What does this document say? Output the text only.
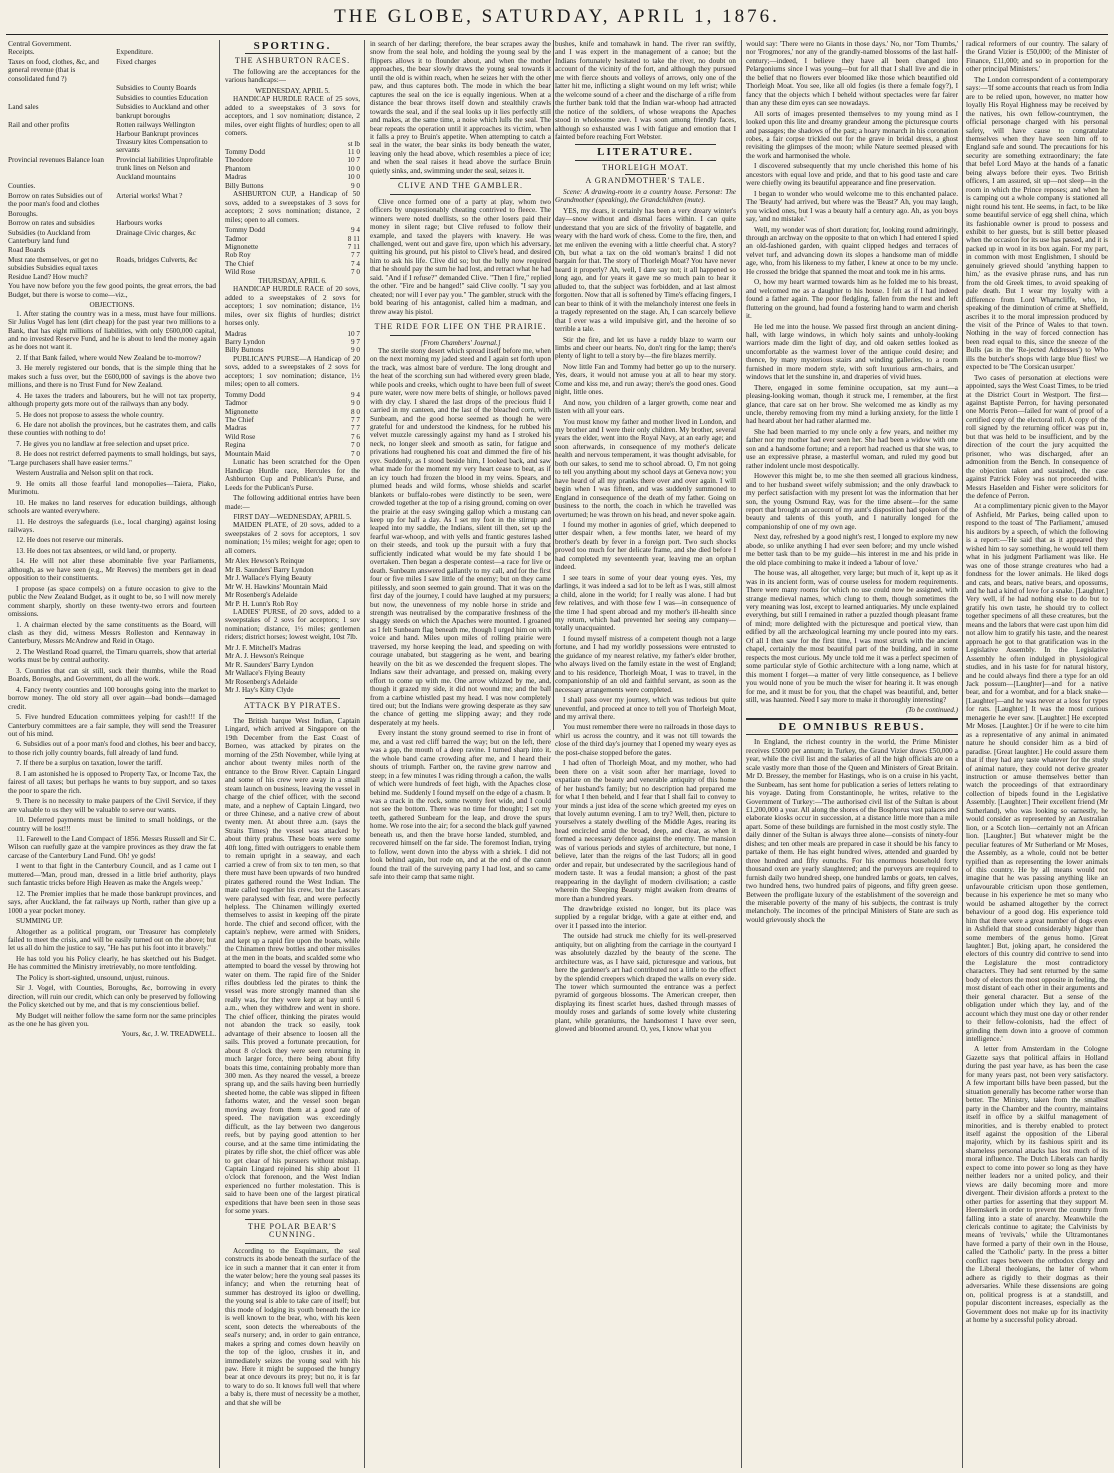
THE GLOBE, SATURDAY, APRIL 1, 1876.
Central Government.
Receipts.	Expenditure.
Taxes on food, clothes, &c, and general revenue (that is consolidated fund ?)
Fixed charges
Subsidies to County Boards
Subsidies to counties Education
Land sales	Subsidies to Auckland and other bankrupt boroughs
Rail and other profits	Rotten railways Wellington Harbour Bankrupt provinces Treasury kites Compensation to servants
Provincial revenues Balance loan	Provincial liabilities Unprofitable trunk lines on Nelson and Auckland mountains
Counties.
Borrow on rates Subsidies out of the poor man's food and clothes
Arterial works! What ?
Boroughs.
Borrow on rates and subsidies	Harbours works
Subsidies (to Auckland from Canterbury land fund
Drainage Civic charges, &c
Road Boards
Must rate themselves, or get no subsidies Subsidies equal taxes Residue Land? How much?
Roads, bridges Culverts, &c

You have now before you the few good points, the great errors, the bad Budget, but there is worse to come—viz.,

OBJECTIONS.

1. After stating the country was in a mess, must have four millions. Sir Julius Vogel has lent (dirt cheap) for the past year two millions to a Bank, that has eight millions of liabilities, with only £600,000 capital, and no invested Reserve Fund, and he is about to lend the money again as he does not want it.

2. If that Bank failed, where would New Zealand be to-morrow?

3. He merely registered our bonds, that is the simple thing that he makes such a fuss over, but the £600,000 of savings is the above two millions, and there is no Trust Fund for New Zealand.

4. He taxes the traders and labourers, but he will not tax property, although property gets more out of the railways than any body.

5. He does not propose to assess the whole country.

6. He dare not abolish the provinces, but he castrates them, and calls these counties with nothing to do!

7. He gives you no landlaw at free selection and upset price.

8. He does not restrict deferred payments to small holdings, but says, "Large purchasers shall have easier terms."

Western Australia and Nelson split on that rock.

9. He omits all those fearful land monopolies—Taiera, Piako, Murimotu.

10. He makes no land reserves for education buildings, although schools are wanted everywhere.

11. He destroys the safeguards (i.e., local charging) against losing railways.

12. He does not reserve our minerals.

13. He does not tax absentees, or wild land, or property.

14. He will not alter these abominable five year Parliaments, although, as we have seen (e.g., Mr Reeves) the members get in dead opposition to their constituents.

I propose (as space compels) on a future occasion to give to the public the New Zealand Budget, as it ought to be, so I will now merely comment sharply, shortly on these twenty-two errors and fourteen omissions.

1. A chairman elected by the same constituents as the Board, will clash as they did, witness Messrs Rolleston and Kennaway in Canterbury, Messrs McAndrew and Reid in Otago.

2. The Westland Road quarrel, the Timaru quarrels, show that arterial works must be by central authority.

3. Counties that can sit still, suck their thumbs, while the Road Boards, Boroughs, and Government, do all the work.

4. Fancy twenty counties and 100 boroughs going into the market to borrow money. The old story all over again—bad bonds—damaged credit.

5. Five hundred Education committees yelping for cash!!! If the Canterbury committees are a fair sample, they will send the Treasurer out of his mind.

6. Subsidies out of a poor man's food and clothes, his beer and baccy, to those rich jolly country boards, full already of land fund.

7. If there be a surplus on taxation, lower the tariff.

8. I am astonished he is opposed to Property Tax, or Income Tax, the fairest of all taxes; but perhaps he wants to buy support, and so taxes the poor to spare the rich.

9. There is no necessity to make paupers of the Civil Service, if they are valuable to us they will be valuable to serve our wants.

10. Deferred payments must be limited to small holdings, or the country will be lost!!!

11. Farewell to the Land Compact of 1856. Messrs Russell and Sir C. Wilson can ruefully gaze at the vampire provinces as they draw the fat carcase of the Canterbury Land Fund. Oh! ye gods!

I went to that fight in the Canterbury Council, and as I came out I muttered—'Man, proud man, dressed in a little brief authority, plays such fantastic tricks before High Heaven as make the Angels weep.'

12. The Premier implies that he made those bankrupt provinces, and says, after Auckland, the fat railways up North, rather than give up a 1000 a year pocket money.

SUMMING UP.

Altogether as a political program, our Treasurer has completely failed to meet the crisis, and will be easily turned out on the above; but let us all do him the justice to say, "He has put his foot into it bravely."

He has told you his Policy clearly, he has sketched out his Budget. He has committed the Ministry irretrievably, no more tentfolding.

The Policy is short-sighted, unsound, unjust, ruinous.

Sir J. Vogel, with Counties, Boroughs, &c, borrowing in every direction, will ruin our credit, which can only be preserved by following the Policy sketched out by me, and that is my conscientious belief.

My Budget will neither follow the same form nor the same principles as the one he has given you.

Yours, &c, J. W. TREADWELL.
SPORTING.
THE ASHBURTON RACES.

The following are the acceptances for the various handicaps:—

WEDNESDAY, APRIL 5.

HANDICAP HURDLE RACE of 25 sovs, added to a sweepstakes of 3 sovs for acceptors, and 1 sov nomination; distance, 2 miles, over eight flights of hurdles; open to all comers.

st lb
Tommy Dodd	11 0
Theodore	10 7
Phantom	10 0
Madras	10 0
Billy Buttons	9 0

ASHBURTON CUP, a Handicap of 50 sovs, added to a sweepstakes of 3 sovs for acceptors; 2 sovs nomination; distance, 2 miles; open to all comers.

Tommy Dodd	9 4
Tadmor	8 11
Mignonette	7 11
Rob Roy	7 7
The Chief	7 4
Wild Rose	7 0
THURSDAY, APRIL 6.

HANDICAP HURDLE RACE of 20 sovs, added to a sweepstakes of 2 sovs for acceptors; 1 sov nomination; distance, 1½ miles, over six flights of hurdles; district horses only.

Madras	10 7
Barry Lyndon	9 7
Billy Buttons	9 0

PUBLICAN'S PURSE—A Handicap of 20 sovs, added to a sweepstakes of 2 sovs for acceptors; 1 sov nomination; distance, 1½ miles; open to all comers.

Tommy Dodd	9 4
Tadmor	9 0
Mignonette	8 0
The Chief	7 7
Madras	7 7
Wild Rose	7 6
Regina	7 0
Mountain Maid	7 0

Lunatic has been scratched for the Open Handicap Hurdle race, Hercules for the Ashburton Cup and Publican's Purse, and Leeds for the Publican's Purse.

The following additional entries have been made:—

FIRST DAY—WEDNESDAY, APRIL 5.

MAIDEN PLATE, of 20 sovs, added to a sweepstakes of 2 sovs for acceptors, 1 sov nomination; 1½ miles; weight for age; open to all comers.

Mr Alex Hewson's Reinque
Mr B. Saunders' Barry Lyndon
Mr J. Wallace's Flying Beauty
Mr W. H. Hawkins' Mountain Maid
Mr Rosenberg's Adelaide
Mr P. H. Lunn's Rob Roy

LADIES' PURSE, of 20 sovs, added to a sweepstakes of 2 sovs for acceptors; 1 sov nomination; distance, 1½ miles; gentlemen riders; district horses; lowest weight, 10st 7lb.

Mr J. F. Mitchell's Madras
Mr A. J. Hewson's Reinque
Mr R. Saunders' Barry Lyndon
Mr Wallace's Flying Beauty
Mr Rosenberg's Adelaide
Mr J. Hay's Kitty Clyde
ATTACK BY PIRATES.

The British barque West Indian, Captain Lingard, which arrived at Singapore on the 19th December from the East Coast of Borneo, was attacked by pirates on the morning of the 25th November, while lying at anchor about twenty miles north of the entrance to the Brow River. Captain Lingard and some of his crew were away in a small steam launch on business, leaving the vessel in charge of the chief officer, with the second mate, and a nephew of Captain Lingard, two or three Chinese, and a native crew of about twenty men. At about three a.m. (says the Straits Times) the vessel was attacked by about thirty prahus. These boats were some 40ft long, fitted with outriggers to enable them to remain upright in a seaway, and each carried a crew of from six to ten men, so that there must have been upwards of two hundred pirates gathered round the West Indian. The mate called together his crew, but the Lascars were paralysed with fear, and were perfectly helpless. The Chinamen willingly exerted themselves to assist in keeping off the pirate horde. The chief and second officer, with the captain's nephew, were armed with Sniders, and kept up a rapid fire upon the boats, while the Chinamen threw bottles and other missiles at the men in the boats, and scalded some who attempted to board the vessel by throwing hot water on them. The rapid fire of the Snider rifles doubtless led the pirates to think the vessel was more strongly manned than she really was, for they were kept at bay until 6 a.m., when they withdrew and went in shore. The chief officer, thinking the pirates would not abandon the track so easily, took advantage of their absence to loosen all the sails. This proved a fortunate precaution, for about 8 o'clock they were seen returning in much larger force, there being about fifty boats this time, containing probably more than 300 men. As they neared the vessel, a breeze sprang up, and the sails having been hurriedly sheeted home, the cable was slipped in fifteen fathoms water, and the vessel soon began moving away from them at a good rate of speed. The navigation was exceedingly difficult, as the lay between two dangerous reefs, but by paying good attention to her course, and at the same time intimidating the pirates by rifle shot, the chief officer was able to get clear of his pursuers without mishap. Captain Lingard rejoined his ship about 11 o'clock that forenoon, and the West Indian experienced no further molestation. This is said to have been one of the largest piratical expeditions that have been seen in those seas for some years.

THE POLAR BEAR'S CUNNING.

According to the Esquimaux, the seal constructs its abode beneath the surface of the ice in such a manner that it can enter it from the water below; here the young seal passes its infancy; and when the returning heat of summer has destroyed its igloo or dwelling, the young seal is able to take care of itself; but this mode of lodging its youth beneath the ice is well known to the bear, who, with his keen scent, soon detects the whereabouts of the seal's nursery; and, in order to gain entrance, makes a spring and comes down heavily on the top of the igloo, crushes it in, and immediately seizes the young seal with his paw. Here it might be supposed the hungry bear at once devours its prey; but no, it is far to wary to do so. It knows full well that where a baby is, there must of necessity be a mother, and that she will be

in search of her darling; therefore, the bear scrapes away the snow from the seal hole, and holding the young seal by the flippers allows it to flounder about, and when the mother approaches, the bear slowly draws the young seal towards it until the old is within reach, when he seizes her with the other paw, and thus captures both. The mode in which the bear captures the seal on the ice is equally ingenious. When at a distance the bear throws itself down and stealthily crawls towards the seal, and if the seal looks up it lies perfectly still and makes, at the same time, a noise which lulls the seal. The bear repeats the operation until it approaches its victim, when it falls a prey to Bruin's appetite. When attempting to catch a seal in the water, the bear sinks its body beneath the water, leaving only the head above, which resembles a piece of ice; and when the seal raises it head above the surface Bruin quietly sinks, and, swimming under the seal, seizes it.

CLIVE AND THE GAMBLER.

Clive once formed one of a party at play, whom two officers by unquestionably cheating contrived to fleece. The winners were noted duellists, so the other losers paid their money in silent rage; but Clive refused to follow their example, and taxed the players with knavery. He was challenged, went out and gave fire, upon which his adversary, quitting his ground, put his pistol to Clive's head, and desired him to ask his life. Clive did so; but the bully now required that he should pay the sum he had lost, and retract what he had said. "And if I refuse?" demanded Clive. "Then I fire," replied the other. "Fire and be hanged!" said Clive coolly. "I say you cheated; nor will I ever pay you." The gambler, struck with the bold bearing of his antagonist, called him a madman, and threw away his pistol.

THE RIDE FOR LIFE ON THE PRAIRIE.
[From Chambers' Journal.]

The sterile stony desert which spread itself before me, when on the next morning my jaded steed and I again set forth upon the track, was almost bare of verdure. The long drought and the heat of the scorching sun had withered every green blade, while pools and creeks, which ought to have been full of sweet pure water, were now mere belts of shingle, or hollows paved with dry clay. I shared the last drops of the precious fluid I carried in my canteen, and the last of the bleached corn, with Sunbeam, and the good horse seemed as though he were grateful for and understood the kindness, for he rubbed his velvet muzzle caressingly against my hand as I stroked his neck, no longer sleek and smooth as satin, for fatigue and privations had roughened his coat and dimmed the fire of his eye. Suddenly, as I stood beside him, I looked back, and saw what made for the moment my very heart cease to beat, as if an icy touch had frozen the blood in my veins. Spears, and plumed heads and wild forms, whose shields and scarlet blankets or buffalo-robes were distinctly to be seen, were crowded together at the top of a rising ground, coming on over the prairie at the easy swinging gallop which a mustang can keep up for half a day. As I set my foot in the stirrup and leaped into my saddle, the Indians, silent till then, set up the fearful war-whoop, and with yells and frantic gestures lashed on their steeds, and took up the pursuit with a fury that sufficiently indicated what would be my fate should I be overtaken. Then began a desperate contest—a race for live or death. Sunbeam answered gallantly to my call, and for the first four or five miles I saw little of the enemy; but on they came pitilessly, and soon seemed to gain ground. That it was on the first day of the journey, I could have laughed at my pursuers; but now, the unevenness of my noble horse in stride and strength was neutralised by the comparative freshness of the shaggy steeds on which the Apaches were mounted. I groaned as I felt Sunbeam flag beneath me, though I urged him on with voice and hand. Miles upon miles of rolling prairie were traversed, my horse keeping the lead, and speeding on with courage unabated, but staggering as he went, and bearing heavily on the bit as we descended the frequent slopes. The Indians saw their advantage, and pressed on, making every effort to come up with me. One arrow whizzed by me, and, though it grazed my side, it did not wound me; and the ball from a carbine whistled past my head. I was now completely tired out; but the Indians were growing desperate as they saw the chance of getting me slipping away; and they rode desperately at my heels.

Every instant the stony ground seemed to rise in front of me, and a vast red cliff barred the way; but on the left, there was a gap, the mouth of a deep ravine. I turned sharp into it, the whole band came crowding after me, and I heard their shouts of triumph. Farther on, the ravine grew narrow and steep; in a few minutes I was riding through a cañon, the walls of which were hundreds of feet high, with the Apaches close behind me. Suddenly I found myself on the edge of a chasm. It was a crack in the rock, some twenty feet wide, and I could not see the bottom. There was no time for thought; I set my teeth, gathered Sunbeam for the leap, and drove the spurs home. We rose into the air; for a second the black gulf yawned beneath us, and then the brave horse landed, stumbled, and recovered himself on the far side. The foremost Indian, trying to follow, went down into the abyss with a shriek. I did not look behind again, but rode on, and at the end of the canon found the trail of the surveying party I had lost, and so came safe into their camp that same night.

bushes, knife and tomahawk in hand. The river ran swiftly, and I was expert in the management of a canoe; but the Indians fortunately hesitated to take the river, no doubt on account of the vicinity of the fort, and although they pursued me with fierce shouts and volleys of arrows, only one of the latter hit me, inflicting a slight wound on my left wrist; while the welcome sound of a cheer and the discharge of a rifle from the further bank told that the Indian war-whoop had attracted the notice of the soldiers, of whose weapons the Apaches stood in wholesome awe. I was soon among friendly faces, although so exhausted was I with fatigue and emotion that I fainted before reaching Fort Webster.

LITERATURE.
THORLEIGH MOAT.
A GRANDMOTHER'S TALE.

Scene: A drawing-room in a country house. Personæ: The Grandmother (speaking), the Grandchildren (mute).

YES, my dears, it certainly has been a very dreary winter's day—snow without and dismal faces within. I can quite understand that you are sick of the frivolity of bagatelle, and weary with the hard work of chess. Come to the fire, then, and let me enliven the evening with a little cheerful chat. A story? Oh, but what a tax on the old woman's brains! I did not bargain for that. The story of Thorleigh Moat? You have never heard it properly? Ah, well, I dare say not; it all happened so long ago, and for years it gave me so much pain to hear it alluded to, that the subject was forbidden, and at last almost forgotten. Now that all is softened by Time's effacing fingers, I can bear to think of it with the melancholy interest one feels in a tragedy represented on the stage. Ah, I can scarcely believe that I ever was a wild impulsive girl, and the heroine of so terrible a tale.

Stir the fire, and let us have a ruddy blaze to warm our limbs and cheer our hearts. No, don't ring for the lamp; there's plenty of light to tell a story by—the fire blazes merrily.

Now little Fan and Tommy had better go up to the nursery. Yes, dears, it would not amuse you at all to hear my story. Come and kiss me, and run away; there's the good ones. Good night, little ones.

And now, you children of a larger growth, come near and listen with all your ears.

You must know my father and mother lived in London, and my brother and I were their only children. My brother, several years the elder, went into the Royal Navy, at an early age; and soon afterwards, in consequence of my mother's delicate health and nervous temperament, it was thought advisable, for both our sakes, to send me to school abroad. O, I'm not going to tell you anything about my school days at Geneva now; you have heard of all my pranks there over and over again. I will begin when I was fifteen, and was suddenly summoned to England in consequence of the death of my father. Going on business to the north, the coach in which he travelled was overturned; he was thrown on his head, and never spoke again.

I found my mother in agonies of grief, which deepened to utter despair when, a few months later, we heard of my brother's death by fever in a foreign port. Two such shocks proved too much for her delicate frame, and she died before I had completed my seventeenth year, leaving me an orphan indeed.

I see tears in some of your dear young eyes. Yes, my darlings, it was indeed a sad lot to be left as I was, still almost a child, alone in the world; for I really was alone. I had but few relatives, and with those few I was—in consequence of the time I had spent abroad and my mother's ill-health since my return, which had prevented her seeing any company—totally unacquainted.

I found myself mistress of a competent though not a large fortune, and I had my worldly possessions were entrusted to the guidance of my nearest relative, my father's elder brother, who always lived on the family estate in the west of England; and to his residence, Thorleigh Moat, I was to travel, in the companionship of an old and faithful servant, as soon as the necessary arrangements were completed.

I shall pass over my journey, which was tedious but quite uneventful, and proceed at once to tell you of Thorleigh Moat, and my arrival there.

You must remember there were no railroads in those days to whirl us across the country, and it was not till towards the close of the third day's journey that I opened my weary eyes as the post-chaise stopped before the gates.

I had often of Thorleigh Moat, and my mother, who had been there on a visit soon after her marriage, loved to expatiate on the beauty and venerable antiquity of this home of her husband's family; but no description had prepared me for what I then beheld, and I fear that I shall fail to convey to your minds a just idea of the scene which greeted my eyes on that lovely autumn evening. I am to try? Well, then, picture to yourselves a stately dwelling of the Middle Ages, rearing its head encircled amid the broad, deep, and clear, as when it formed a necessary defence against the enemy. The mansion was of various periods and styles of architecture, but none, I believe, later than the reigns of the last Tudors; all in good order and repair, but undesecrated by the sacrilegious hand of modern taste. It was a feudal mansion; a ghost of the past reappearing in the daylight of modern civilisation; a castle wherein the Sleeping Beauty might awaken from dreams of more than a hundred years.

The drawbridge existed no longer, but its place was supplied by a regular bridge, with a gate at either end, and over it I passed into the interior.

The outside had struck me chiefly for its well-preserved antiquity, but on alighting from the carriage in the courtyard I was absolutely dazzled by the beauty of the scene. The architecture was, as I have said, picturesque and various, but here the gardener's art had contributed not a little to the effect by the splendid creepers which draped the walls on every side. The tower which surmounted the entrance was a perfect pyramid of gorgeous blossoms. The American creeper, then displaying its finest scarlet hues, dashed through masses of mouldy roses and garlands of some lovely white clustering plant, while geraniums, the handsomest I have ever seen, glowed and bloomed around. O, yes, I know what you

would say: 'There were no Giants in those days.' No, nor 'Tom Thumbs,' nor 'Frogmores,' nor any of the grandly-named blossoms of the last half-century;—indeed, I believe they have all been changed into Pelargoniums since I was young—but for all that I shall live and die in the belief that no flowers ever bloomed like those which beautified old Thorleigh Moat. You see, like all old fogies (is there a female fogy?), I fancy that the objects which I beheld without spectacles were far fairer than any these dim eyes can see nowadays.

All sorts of images presented themselves to my young mind as I looked upon this lite and dreamy grandeur among the picturesque courts and passages; the shadows of the past; a hoary monarch in his coronation robes, a fair corpse trickled out for the grave in bridal dress, a ghost revisiting the glimpses of the moon; while Nature seemed pleased with the work and harmonised the whole.

I discovered subsequently that my uncle cherished this home of his ancestors with equal love and pride, and that to his good taste and care were chiefly owing its beautiful appearance and fine preservation.

I began to wonder who would welcome me to this enchanted palace. The 'Beauty' had arrived, but where was the 'Beast?' Ah, you may laugh, you wicked ones, but I was a beauty half a century ago. Ah, as you boys say, 'and no mistake.'

Well, my wonder was of short duration; for, looking round admiringly, through an archway on the opposite to that on which I had entered I spied an old-fashioned garden, with quaint clipped hedges and terraces of velvet turf, and advancing down its slopes a handsome man of middle age, who, from his likeness to my father, I knew at once to be my uncle. He crossed the bridge that spanned the moat and took me in his arms.

O, how my heart warmed towards him as he folded me to his breast, and welcomed me as a daughter to his house. I felt as if I had indeed found a father again. The poor fledgling, fallen from the nest and left fluttering on the ground, had found a fostering hand to warm and cherish it.

He led me into the house. We passed first through an ancient dining-hall, with large windows, in which holy saints and unholy-looking warriors made dim the light of day, and old oaken settles looked as uncomfortable as the warmest lover of the antique could desire; and thence, by many mysterious stairs and winding galleries, to a room furnished in more modern style, with soft luxurious arm-chairs, and windows that let the sunshine in, and draperies of vivid hues.

There, engaged in some feminine occupation, sat my aunt—a pleasing-looking woman, though it struck me, I remember, at the first glance, that care sat on her brow. She welcomed me as kindly as my uncle, thereby removing from my mind a lurking anxiety, for the little I had heard about her had rather alarmed me.

She had been married to my uncle only a few years, and neither my father nor my mother had ever seen her. She had been a widow with one son and a handsome fortune; and a report had reached us that she was, to use an expressive phrase, a masterful woman, and ruled my good but rather indolent uncle most despotically.

However this might be, to me she then seemed all gracious kindness, and to her husband sweet wifely submission; and the only drawback to my perfect satisfaction with my present lot was the information that her son, the young Osmund Ray, was for the time absent—for the same report that brought an account of my aunt's disposition had spoken of the beauty and talents of this youth, and I naturally longed for the companionship of one of my own age.

Next day, refreshed by a good night's rest, I longed to explore my new abode, so unlike anything I had ever seen before; and my uncle wished me better task than to be my guide—his interest in me and his pride in the old place combining to make it indeed a 'labour of love.'

The house was, all altogether, very large; but much of it, kept up as it was in its ancient form, was of course useless for modern requirements. There were many rooms for which no use could now be assigned, with strange medieval names, which clung to them, though sometimes the very meaning was lost, except to learned antiquaries. My uncle explained everything, but still I remained in rather a puzzled though pleasant frame of mind; more delighted with the picturesque and poetical view, than edified by all the archæological learning my uncle poured into my ears. Of all I then saw for the first time, I was most struck with the ancient chapel, certainly the most beautiful part of the building, and in some respects the most curious. My uncle told me it was a perfect specimen of some particular style of Gothic architecture with a long name, which at this moment I forget—a matter of very little consequence, as I believe you would none of you be much the wiser for hearing it. It was enough for me, and it must be for you, that the chapel was beautiful, and, better still, was haunted. Need I say more to make it thoroughly interesting?

(To be continued.)
DE OMNIBUS REBUS.

In England, the richest country in the world, the Prime Minister receives £5000 per annum; in Turkey, the Grand Vizier draws £50,000 a year, while the civil list and the salaries of all the high officials are on a scale vastly more than those of the Queen and Ministers of Great Britain. Mr D. Bressey, the member for Hastings, who is on a cruise in his yacht, the Sunbeam, has sent home for publication a series of letters relating to his voyage. Dating from Constantinople, he writes, relative to the Government of Turkey:—'The authorised civil list of the Sultan is about £1,200,000 a year. All along the shores of the Bosphorus vast palaces and elaborate kiosks occur in succession, at a distance little more than a mile apart. Some of these buildings are furnished in the most costly style. The daily dinner of the Sultan is always three alone—consists of ninety-four dishes; and ten other meals are prepared in case it should be his fancy to partake of them. He has eight hundred wives, attended and guarded by three hundred and fifty eunuchs. For his enormous household forty thousand oxen are yearly slaughtered; and the purveyors are required to furnish daily two hundred sheep, one hundred lambs or goats, ten calves, two hundred hens, two hundred pairs of pigeons, and fifty green geese. Between the profligate luxury of the establishment of the sovereign and the miserable poverty of the many of his subjects, the contrast is truly melancholy. The incomes of the principal Ministers of State are such as would grievously shock the

radical reformers of our country. The salary of the Grand Vizier is £50,000; of the Minister of Finance, £11,000; and so in proportion for the other principal Ministers.'

The London correspondent of a contemporary says:—'If some accounts that reach us from India are to be relied upon, however, no matter how loyally His Royal Highness may be received by the natives, his own fellow-countrymen, the official personage charged with his personal safety, will have cause to congratulate themselves when they have seen him off to England safe and sound. The precautions for his security are something extraordinary; the fate that befel Lord Mayo at the hands of a fanatic being always before their eyes. Two British officers, I am assured, sit up—not sleep—in the room in which the Prince reposes; and when he is camping out a whole company is stationed all night round his tent. He seems, in fact, to be like some beautiful service of egg shell china, which its fashionable owner is proud to possess and exhibit to her guests, but is still better pleased when the occasion for its use has passed, and it is packed up in wool in its box again. For my part, in common with most Englishmen, I should be genuinely grieved should 'anything happen to him,' as the evasive phrase runs, and has run from the old Greek times, to avoid speaking of pale death. But I wear my loyalty with a difference from Lord Wharncliffe, who, in speaking of the diminution of crime at Sheffield, ascribes it to the moral impression produced by the visit of the Prince of Wales to that town. Nothing in the way of forced connection has been read equal to this, since the sneeze of the Bulls (as in the 'Re-jected Addresses') to Who ills the butcher's shops with large blue flies! we expected to be 'The Corsican usurper.'

Two cases of personation at elections were appointed, says the West Coast Times, to be tried at the District Court in Westport. The first—against Baptiste Perron, for having personated one Morris Peron—failed for want of proof of a certified copy of the electoral roll. A copy of the roll signed by the returning officer was put in, but that was held to be insufficient, and by the direction of the court the jury acquitted the prisoner, who was discharged, after an admonition from the Bench. In consequence of the objection taken and sustained, the case against Patrick Foley was not proceeded with. Messrs Haselden and Fisher were solicitors for the defence of Perron.

At a complimentary picnic given to the Mayor of Ashfield, Mr Parkes, being called upon to respond to the toast of 'The Parliament,' amused his auditors by a speech, of which the following is a report:—'He said that as it appeared they wished him to say something, he would tell them what in his judgment Parliament was like. He was one of those strange creatures who had a fondness for the lower animals. He liked dogs and cats, and bears, native bears, and opossums, and he had a kind of love for a snake. [Laughter.] Very well, if he had nothing else to do but to gratify his own taste, he should try to collect together specimens of all these creatures, but the means and the labors that were cast upon him did not allow him to gratify his taste, and the nearest approach he got to that gratification was in the Legislative Assembly. In the Legislative Assembly he often indulged in physiological studies, and in his taste for for natural history, and he could always find there a type for an old Jack possum—[Laughter]—and for a native bear, and for a wombat, and for a black snake—[Laughter]—and he was never at a loss for types for rats. [Laughter.] It was the most curious menagerie he ever saw. [Laughter.] He excepted Mr Moses. [Laughter.] Or if he were to cite him as a representative of any animal in animated nature he should consider him as a bird of paradise. [Great laughter.] He could assure them that if they had any taste whatever for the study of animal nature, they could not derive greater instruction or amuse themselves better than watch the proceedings of that extraordinary collection of bipeds found in the Legislative Assembly. [Laughter.] Their excellent friend (Mr Sutherland), who was looking so earnestly, he would consider as represented by an Australian lion, or a Scotch lion—certainly not an African lion. [Laughter.] But whatever might be the peculiar features of Mr Sutherland or Mr Moses, the Assembly, as a whole, could not be better typified than as representing the lower animals of this country. He by all means would not imagine that he was passing anything like an unfavourable criticism upon those gentlemen, because in his experience he met so many who would be ashamed altogether by the correct behaviour of a good dog. His experience told him that there were a great number of dogs even in Ashfield that stood considerably higher than some members of the genus homo. [Great laughter.] But, joking apart, he considered the electors of this country did contrive to send into the Legislature the most contradictory characters. They had sent returned by the same body of electors the most opposite in feeling, the most distant of each other in their arguments and their general character. But a sense of the obligation under which they lay, and of the account which they must one day or other render to their fellow-colonists, had the effect of grinding them down into a groove of common intelligence.'

A letter from Amsterdam in the Cologne Gazette says that political affairs in Holland during the past year have, as has been the case for many years past, not been very satisfactory. A few important bills have been passed, but the situation generally has become rather worse than better. The Ministry, taken from the smallest party in the Chamber and the country, maintains itself in office by a skilful management of minorities, and is thereby enabled to protect itself against the opposition of the Liberal majority, which by its fashious spirit and its shameless personal attacks has lost much of its moral influence. The Dutch Liberals can hardly expect to come into power so long as they have neither leaders nor a united policy, and their views are daily becoming more and more divergent. Their division affords a pretext to the other parties for asserting that they support M. Heemskerk in order to prevent the country from falling into a state of anarchy. Meanwhile the clericals continue to agitate; the Calvinists by means of 'revivals,' while the Ultramontanes have formed a party of their own in the House, called the 'Catholic' party. In the press a bitter conflict rages between the orthodox clergy and the Liberal theologians, the latter of whom adhere as rigidly to their dogmas as their adversaries. While these dissensions are going on, political progress is at a standstill, and popular discontent increases, especially as the Government does not make up for its inactivity at home by a successful policy abroad.
